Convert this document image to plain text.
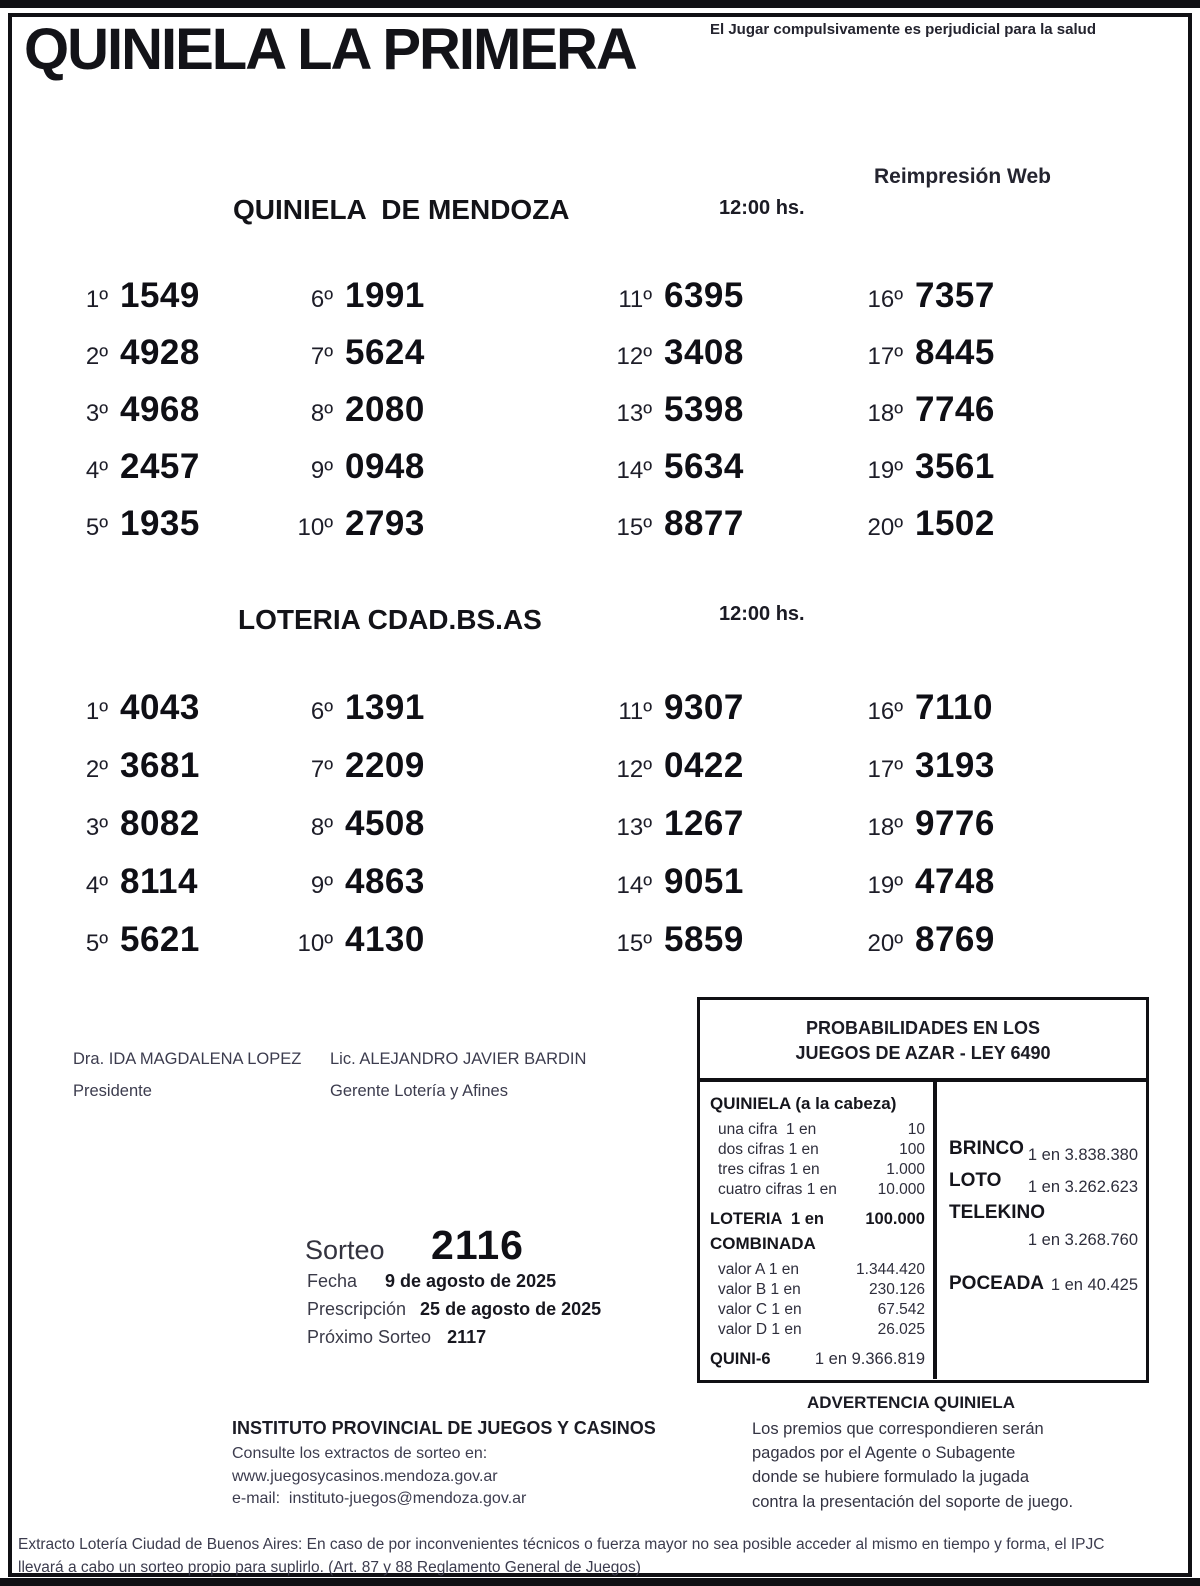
QUINIELA LA PRIMERA	El Jugar compulsivamente es perjudicial para la salud
Reimpresión Web
QUINIELA  DE MENDOZA	12:00 hs.
1º 1549	6º 1991	11º 6395	16º 7357
2º 4928	7º 5624	12º 3408	17º 8445
3º 4968	8º 2080	13º 5398	18º 7746
4º 2457	9º 0948	14º 5634	19º 3561
5º 1935	10º 2793	15º 8877	20º 1502
LOTERIA CDAD.BS.AS	12:00 hs.
1º 4043	6º 1391	11º 9307	16º 7110
2º 3681	7º 2209	12º 0422	17º 3193
3º 8082	8º 4508	13º 1267	18º 9776
4º 8114	9º 4863	14º 9051	19º 4748
5º 5621	10º 4130	15º 5859	20º 8769
Dra. IDA MAGDALENA LOPEZ
Presidente
Lic. ALEJANDRO JAVIER BARDIN
Gerente Lotería y Afines
Sorteo 2116
Fecha 9 de agosto de 2025
Prescripción 25 de agosto de 2025
Próximo Sorteo 2117
PROBABILIDADES EN LOS
JUEGOS DE AZAR - LEY 6490
QUINIELA (a la cabeza)
una cifra  1 en	10
dos cifras 1 en	100
tres cifras 1 en	1.000
cuatro cifras 1 en	10.000
LOTERIA  1 en	100.000
COMBINADA
valor A 1 en	1.344.420
valor B 1 en	230.126
valor C 1 en	67.542
valor D 1 en	26.025
QUINI-6	1 en 9.366.819
BRINCO 1 en 3.838.380
LOTO 1 en 3.262.623
TELEKINO
1 en 3.268.760
POCEADA 1 en 40.425
ADVERTENCIA QUINIELA
Los premios que correspondieren serán
pagados por el Agente o Subagente
donde se hubiere formulado la jugada
contra la presentación del soporte de juego.
INSTITUTO PROVINCIAL DE JUEGOS Y CASINOS
Consulte los extractos de sorteo en:
www.juegosycasinos.mendoza.gov.ar
e-mail:  instituto-juegos@mendoza.gov.ar
Extracto Lotería Ciudad de Buenos Aires: En caso de por inconvenientes técnicos o fuerza mayor no sea posible acceder al mismo en tiempo y forma, el IPJC llevará a cabo un sorteo propio para suplirlo. (Art. 87 y 88 Reglamento General de Juegos)
